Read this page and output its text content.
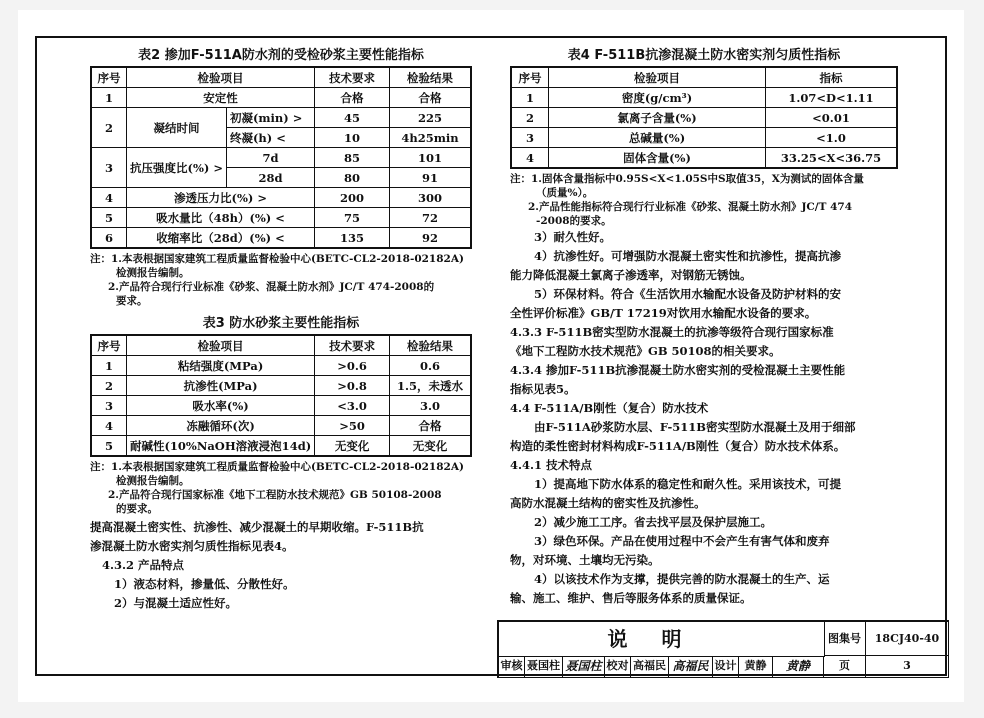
表2 掺加F-511A防水剂的受检砂浆主要性能指标
序号	检验项目		技术要求	检验结果
1	安定性		合格	合格
2	凝结时间	初凝(min) >	45	225
		终凝(h) <	10	4h25min
3	抗压强度比(%) >	7d	85	101
		28d	80	91
4	渗透压力比(%) >		200	300
5	吸水量比（48h）(%) <		75	72
6	收缩率比（28d）(%) <		135	92

注：1.本表根据国家建筑工程质量监督检验中心(BETC-CL2-2018-02182A)

检测报告编制。

2.产品符合现行行业标准《砂浆、混凝土防水剂》JC/T 474-2008的

要求。

表3 防水砂浆主要性能指标
序号	检验项目	技术要求	检验结果
1	粘结强度(MPa)	>0.6	0.6
2	抗渗性(MPa)	>0.8	1.5，未透水
3	吸水率(%)	<3.0	3.0
4	冻融循环(次)	>50	合格
5	耐碱性(10%NaOH溶液浸泡14d)	无变化	无变化

注：1.本表根据国家建筑工程质量监督检验中心(BETC-CL2-2018-02182A)

检测报告编制。

2.产品符合现行国家标准《地下工程防水技术规范》GB 50108-2008

的要求。

提高混凝土密实性、抗渗性、减少混凝土的早期收缩。F-511B抗

渗混凝土防水密实剂匀质性指标见表4。

4.3.2 产品特点

1）液态材料，掺量低、分散性好。

2）与混凝土适应性好。

表4 F-511B抗渗混凝土防水密实剂匀质性指标
序号	检验项目	指标
1	密度(g/cm³)	1.07<D<1.11
2	氯离子含量(%)	<0.01
3	总碱量(%)	<1.0
4	固体含量(%)	33.25<X<36.75

注：1.固体含量指标中0.95S<X<1.05S中S取值35，X为测试的固体含量

（质量%）。

2.产品性能指标符合现行行业标准《砂浆、混凝土防水剂》JC/T 474

-2008的要求。

3）耐久性好。

4）抗渗性好。可增强防水混凝土密实性和抗渗性，提高抗渗

能力降低混凝土氯离子渗透率，对钢筋无锈蚀。

5）环保材料。符合《生活饮用水输配水设备及防护材料的安

全性评价标准》GB/T 17219对饮用水输配水设备的要求。

4.3.3 F-511B密实型防水混凝土的抗渗等级符合现行国家标准

《地下工程防水技术规范》GB 50108的相关要求。

4.3.4 掺加F-511B抗渗混凝土防水密实剂的受检混凝土主要性能

指标见表5。

4.4 F-511A/B刚性（复合）防水技术

由F-511A砂浆防水层、F-511B密实型防水混凝土及用于细部

构造的柔性密封材料构成F-511A/B刚性（复合）防水技术体系。

4.4.1 技术特点

1）提高地下防水体系的稳定性和耐久性。采用该技术，可提

高防水混凝土结构的密实性及抗渗性。

2）减少施工工序。省去找平层及保护层施工。

3）绿色环保。产品在使用过程中不会产生有害气体和废弃

物，对环境、土壤均无污染。

4）以该技术作为支撑，提供完善的防水混凝土的生产、运

输、施工、维护、售后等服务体系的质量保证。

说明	图集号	18CJ40-40
审核 聂国柱 聂国柱 校对 高福民 高福民 设计 黄静	黄静	页	3
